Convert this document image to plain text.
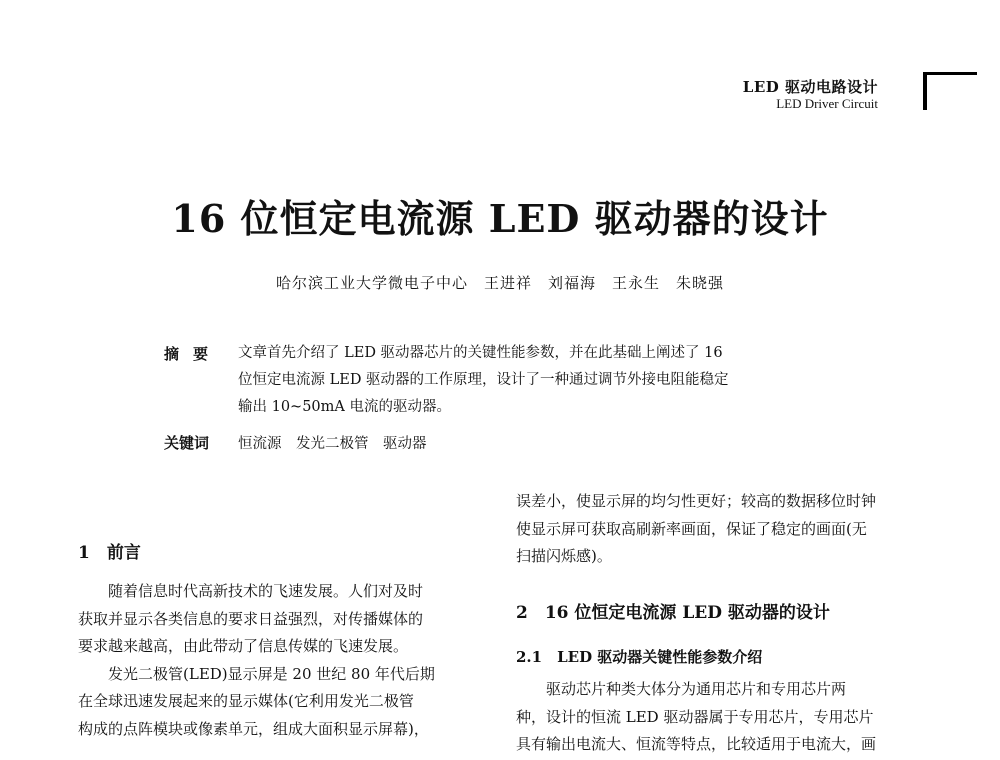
LED 驱动电路设计
LED Driver Circuit
16 位恒定电流源 LED 驱动器的设计
哈尔滨工业大学微电子中心　王进祥　刘福海　王永生　朱晓强
摘要 文章首先介绍了 LED 驱动器芯片的关键性能参数，并在此基础上阐述了 16
位恒定电流源 LED 驱动器的工作原理，设计了一种通过调节外接电阻能稳定
输出 10~50mA 电流的驱动器。
关键词 恒流源　发光二极管　驱动器
1　前言
随着信息时代高新技术的飞速发展。人们对及时
获取并显示各类信息的要求日益强烈，对传播媒体的
要求越来越高，由此带动了信息传媒的飞速发展。
发光二极管(LED)显示屏是 20 世纪 80 年代后期
在全球迅速发展起来的显示媒体(它利用发光二极管
构成的点阵模块或像素单元，组成大面积显示屏幕)，
误差小，使显示屏的均匀性更好；较高的数据移位时钟
使显示屏可获取高刷新率画面，保证了稳定的画面(无
扫描闪烁感)。
2　16 位恒定电流源 LED 驱动器的设计
2.1　LED 驱动器关键性能参数介绍
驱动芯片种类大体分为通用芯片和专用芯片两
种，设计的恒流 LED 驱动器属于专用芯片，专用芯片
具有输出电流大、恒流等特点，比较适用于电流大，画
